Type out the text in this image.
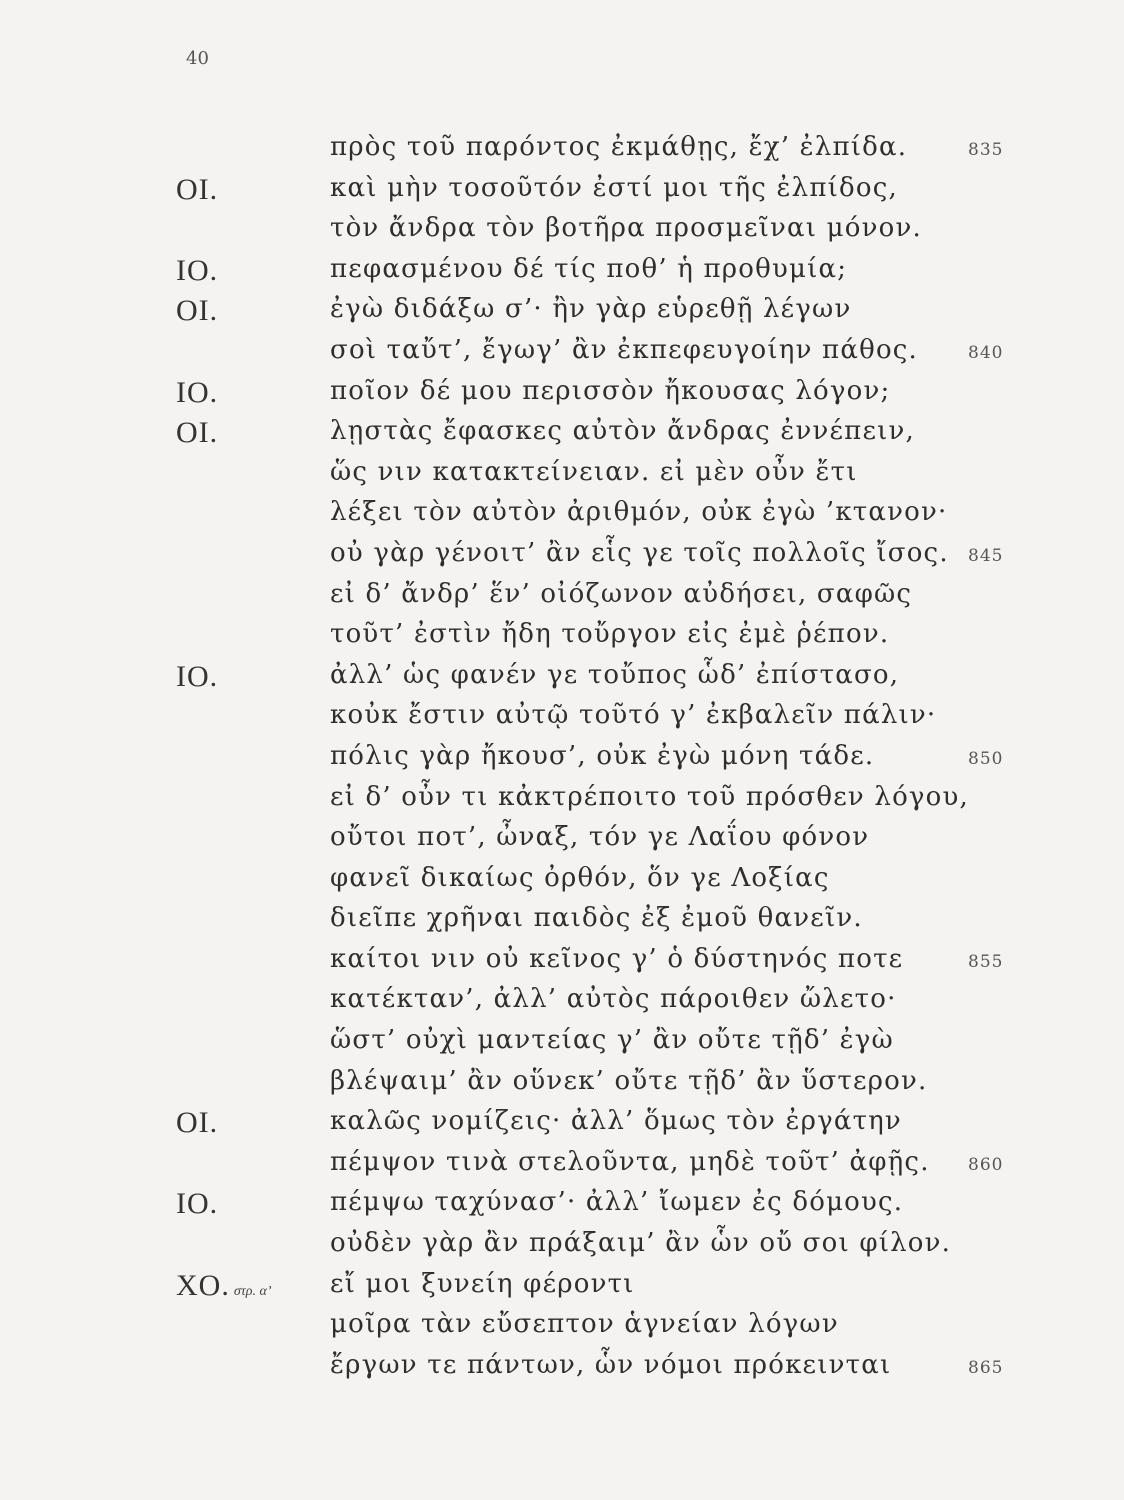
40
πρὸς τοῦ παρόντος ἐκμάθῃς, ἔχ’ ἐλπίδα.	835
ΟΙ.	καὶ μὴν τοσοῦτόν ἐστί μοι τῆς ἐλπίδος,
τὸν ἄνδρα τὸν βοτῆρα προσμεῖναι μόνον.
ΙΟ.	πεφασμένου δέ τίς ποθ’ ἡ προθυμία;
ΟΙ.	ἐγὼ διδάξω σ’· ἢν γὰρ εὑρεθῇ λέγων
σοὶ ταὔτ’, ἔγωγ’ ἂν ἐκπεφευγοίην πάθος.	840
ΙΟ.	ποῖον δέ μου περισσὸν ἤκουσας λόγον;
ΟΙ.	λῃστὰς ἔφασκες αὐτὸν ἄνδρας ἐννέπειν,
ὥς νιν κατακτείνειαν. εἰ μὲν οὖν ἔτι
λέξει τὸν αὐτὸν ἀριθμόν, οὐκ ἐγὼ ’κτανον·
οὐ γὰρ γένοιτ’ ἂν εἷς γε τοῖς πολλοῖς ἴσος. 845
εἰ δ’ ἄνδρ’ ἕν’ οἰόζωνον αὐδήσει, σαφῶς
τοῦτ’ ἐστὶν ἤδη τοὔργον εἰς ἐμὲ ῥέπον.
ΙΟ.	ἀλλ’ ὡς φανέν γε τοὔπος ὧδ’ ἐπίστασο,
κοὐκ ἔστιν αὐτῷ τοῦτό γ’ ἐκβαλεῖν πάλιν·
πόλις γὰρ ἤκουσ’, οὐκ ἐγὼ μόνη τάδε.	850
εἰ δ’ οὖν τι κἀκτρέποιτο τοῦ πρόσθεν λόγου,
οὔτοι ποτ’, ὦναξ, τόν γε Λαΐου φόνον
φανεῖ δικαίως ὀρθόν, ὅν γε Λοξίας
διεῖπε χρῆναι παιδὸς ἐξ ἐμοῦ θανεῖν.
καίτοι νιν οὐ κεῖνος γ’ ὁ δύστηνός ποτε	855
κατέκταν’, ἀλλ’ αὐτὸς πάροιθεν ὤλετο·
ὥστ’ οὐχὶ μαντείας γ’ ἂν οὔτε τῇδ’ ἐγὼ
βλέψαιμ’ ἂν οὕνεκ’ οὔτε τῇδ’ ἂν ὕστερον.
ΟΙ.	καλῶς νομίζεις· ἀλλ’ ὅμως τὸν ἐργάτην
πέμψον τινὰ στελοῦντα, μηδὲ τοῦτ’ ἀφῇς. 860
ΙΟ.	πέμψω ταχύνασ’· ἀλλ’ ἴωμεν ἐς δόμους.
οὐδὲν γὰρ ἂν πράξαιμ’ ἂν ὧν οὔ σοι φίλον.
ΧΟ. στρ. α’ εἴ μοι ξυνείη φέροντι
μοῖρα τὰν εὔσεπτον ἁγνείαν λόγων
ἔργων τε πάντων, ὧν νόμοι πρόκεινται	865
